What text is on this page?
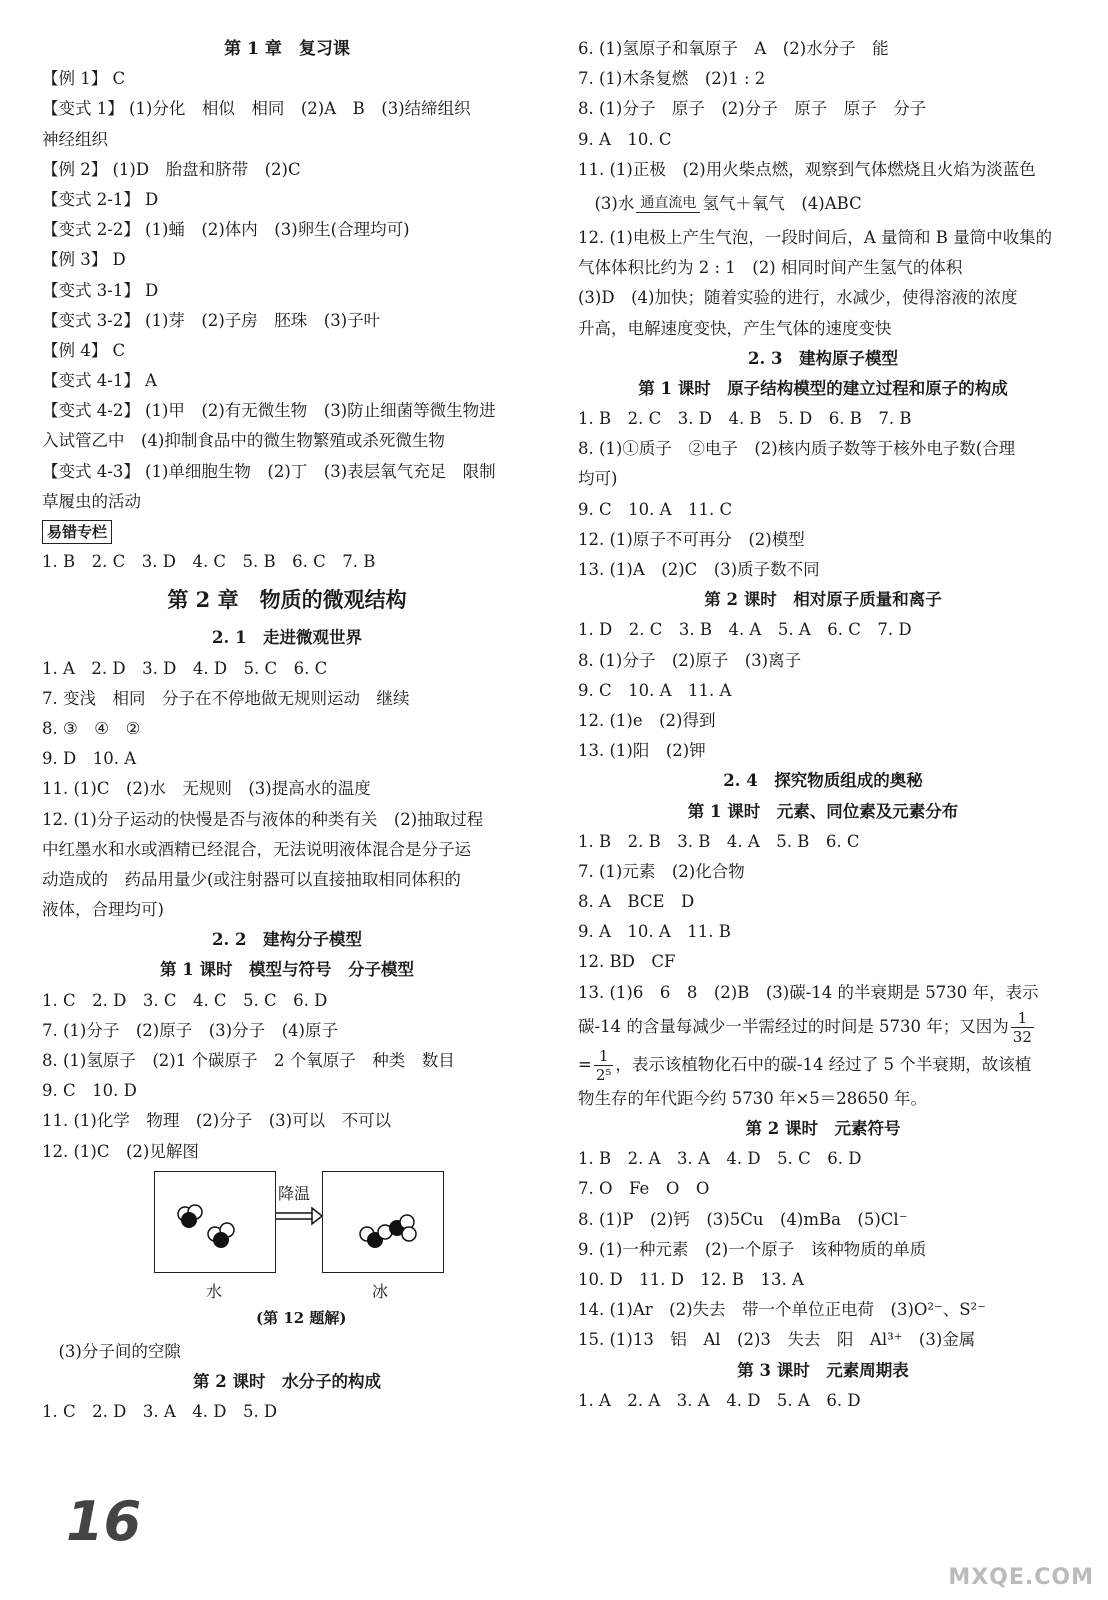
第 1 章　复习课
【例 1】 C
【变式 1】 (1)分化　相似　相同　(2)A　B　(3)结缔组织
神经组织
【例 2】 (1)D　胎盘和脐带　(2)C
【变式 2-1】 D
【变式 2-2】 (1)蛹　(2)体内　(3)卵生(合理均可)
【例 3】 D
【变式 3-1】 D
【变式 3-2】 (1)芽　(2)子房　胚珠　(3)子叶
【例 4】 C
【变式 4-1】 A
【变式 4-2】 (1)甲　(2)有无微生物　(3)防止细菌等微生物进
入试管乙中　(4)抑制食品中的微生物繁殖或杀死微生物
【变式 4-3】 (1)单细胞生物　(2)丁　(3)表层氧气充足　限制
草履虫的活动
易错专栏
1. B　2. C　3. D　4. C　5. B　6. C　7. B
第 2 章　物质的微观结构
2. 1　走进微观世界
1. A　2. D　3. D　4. D　5. C　6. C
7. 变浅　相同　分子在不停地做无规则运动　继续
8. ③　④　②
9. D　10. A
11. (1)C　(2)水　无规则　(3)提高水的温度
12. (1)分子运动的快慢是否与液体的种类有关　(2)抽取过程
中红墨水和水或酒精已经混合，无法说明液体混合是分子运
动造成的　药品用量少(或注射器可以直接抽取相同体积的
液体，合理均可)
2. 2　建构分子模型
第 1 课时　模型与符号　分子模型
1. C　2. D　3. C　4. C　5. C　6. D
7. (1)分子　(2)原子　(3)分子　(4)原子
8. (1)氢原子　(2)1 个碳原子　2 个氧原子　种类　数目
9. C　10. D
11. (1)化学　物理　(2)分子　(3)可以　不可以
12. (1)C　(2)见解图
降温
水	冰
(第 12 题解)
　(3)分子间的空隙
第 2 课时　水分子的构成
1. C　2. D　3. A　4. D　5. D
6. (1)氢原子和氧原子　A　(2)水分子　能
7. (1)木条复燃　(2)1 : 2
8. (1)分子　原子　(2)分子　原子　原子　分子
9. A　10. C
11. (1)正极　(2)用火柴点燃，观察到气体燃烧且火焰为淡蓝色
　(3)水 通直流电 氢气＋氧气　(4)ABC
12. (1)电极上产生气泡，一段时间后，A 量筒和 B 量筒中收集的
气体体积比约为 2 : 1　(2) 相同时间产生氢气的体积
(3)D　(4)加快；随着实验的进行，水减少，使得溶液的浓度
升高，电解速度变快，产生气体的速度变快
2. 3　建构原子模型
第 1 课时　原子结构模型的建立过程和原子的构成
1. B　2. C　3. D　4. B　5. D　6. B　7. B
8. (1)①质子　②电子　(2)核内质子数等于核外电子数(合理
均可)
9. C　10. A　11. C
12. (1)原子不可再分　(2)模型
13. (1)A　(2)C　(3)质子数不同
第 2 课时　相对原子质量和离子
1. D　2. C　3. B　4. A　5. A　6. C　7. D
8. (1)分子　(2)原子　(3)离子
9. C　10. A　11. A
12. (1)e　(2)得到
13. (1)阳　(2)钾
2. 4　探究物质组成的奥秘
第 1 课时　元素、同位素及元素分布
1. B　2. B　3. B　4. A　5. B　6. C
7. (1)元素　(2)化合物
8. A　BCE　D
9. A　10. A　11. B
12. BD　CF
13. (1)6　6　8　(2)B　(3)碳-14 的半衰期是 5730 年，表示
碳-14 的含量每减少一半需经过的时间是 5730 年；又因为 $\frac{1}{32}$
= $\frac{1}{\text{2⁵}}$ ，表示该植物化石中的碳-14 经过了 5 个半衰期，故该植
物生存的年代距今约 5730 年×5＝28650 年。
第 2 课时　元素符号
1. B　2. A　3. A　4. D　5. C　6. D
7. O　Fe　O　O
8. (1)P　(2)钙　(3)5Cu　(4)mBa　(5)Cl⁻
9. (1)一种元素　(2)一个原子　该种物质的单质
10. D　11. D　12. B　13. A
14. (1)Ar　(2)失去　带一个单位正电荷　(3)O²⁻、S²⁻
15. (1)13　铝　Al　(2)3　失去　阳　Al³⁺　(3)金属
第 3 课时　元素周期表
1. A　2. A　3. A　4. D　5. A　6. D
16
MXQE.COM
